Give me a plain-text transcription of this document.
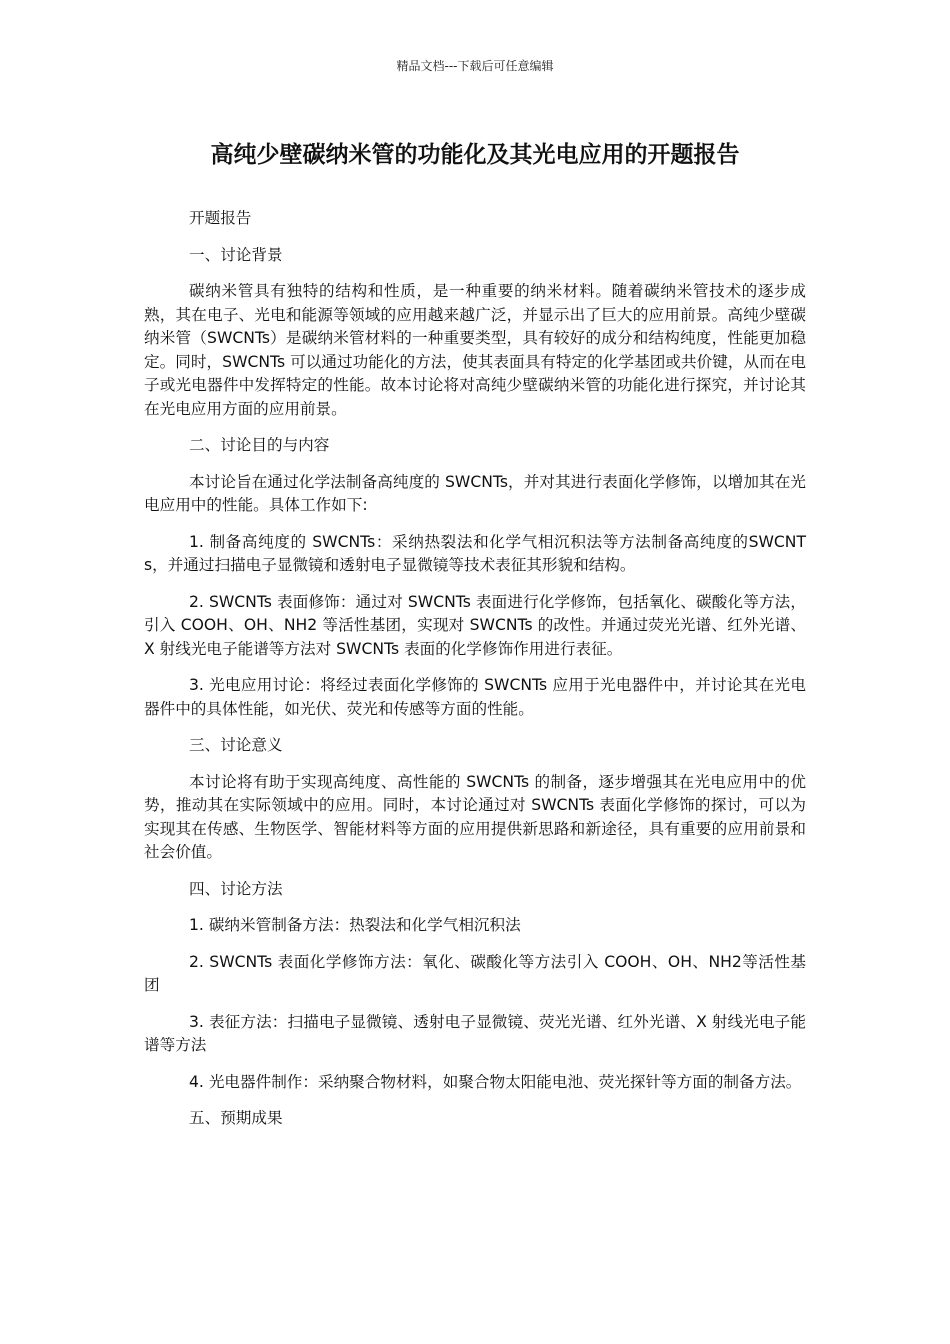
精品文档---下载后可任意编辑
高纯少壁碳纳米管的功能化及其光电应用的开题报告

开题报告

一、讨论背景

碳纳米管具有独特的结构和性质，是一种重要的纳米材料。随着碳纳米管技术的逐步成熟，其在电子、光电和能源等领域的应用越来越广泛，并显示出了巨大的应用前景。高纯少壁碳纳米管（SWCNTs）是碳纳米管材料的一种重要类型，具有较好的成分和结构纯度，性能更加稳定。同时，SWCNTs 可以通过功能化的方法，使其表面具有特定的化学基团或共价键，从而在电子或光电器件中发挥特定的性能。故本讨论将对高纯少壁碳纳米管的功能化进行探究，并讨论其在光电应用方面的应用前景。

二、讨论目的与内容

本讨论旨在通过化学法制备高纯度的 SWCNTs，并对其进行表面化学修饰，以增加其在光电应用中的性能。具体工作如下:

1. 制备高纯度的 SWCNTs：采纳热裂法和化学气相沉积法等方法制备高纯度的SWCNTs，并通过扫描电子显微镜和透射电子显微镜等技术表征其形貌和结构。

2. SWCNTs 表面修饰：通过对 SWCNTs 表面进行化学修饰，包括氧化、碳酸化等方法，引入 COOH、OH、NH2 等活性基团，实现对 SWCNTs 的改性。并通过荧光光谱、红外光谱、X 射线光电子能谱等方法对 SWCNTs 表面的化学修饰作用进行表征。

3. 光电应用讨论：将经过表面化学修饰的 SWCNTs 应用于光电器件中，并讨论其在光电器件中的具体性能，如光伏、荧光和传感等方面的性能。

三、讨论意义

本讨论将有助于实现高纯度、高性能的 SWCNTs 的制备，逐步增强其在光电应用中的优势，推动其在实际领域中的应用。同时，本讨论通过对 SWCNTs 表面化学修饰的探讨，可以为实现其在传感、生物医学、智能材料等方面的应用提供新思路和新途径，具有重要的应用前景和社会价值。

四、讨论方法

1. 碳纳米管制备方法：热裂法和化学气相沉积法

2. SWCNTs 表面化学修饰方法：氧化、碳酸化等方法引入 COOH、OH、NH2等活性基团

3. 表征方法：扫描电子显微镜、透射电子显微镜、荧光光谱、红外光谱、X 射线光电子能谱等方法

4. 光电器件制作：采纳聚合物材料，如聚合物太阳能电池、荧光探针等方面的制备方法。

五、预期成果
